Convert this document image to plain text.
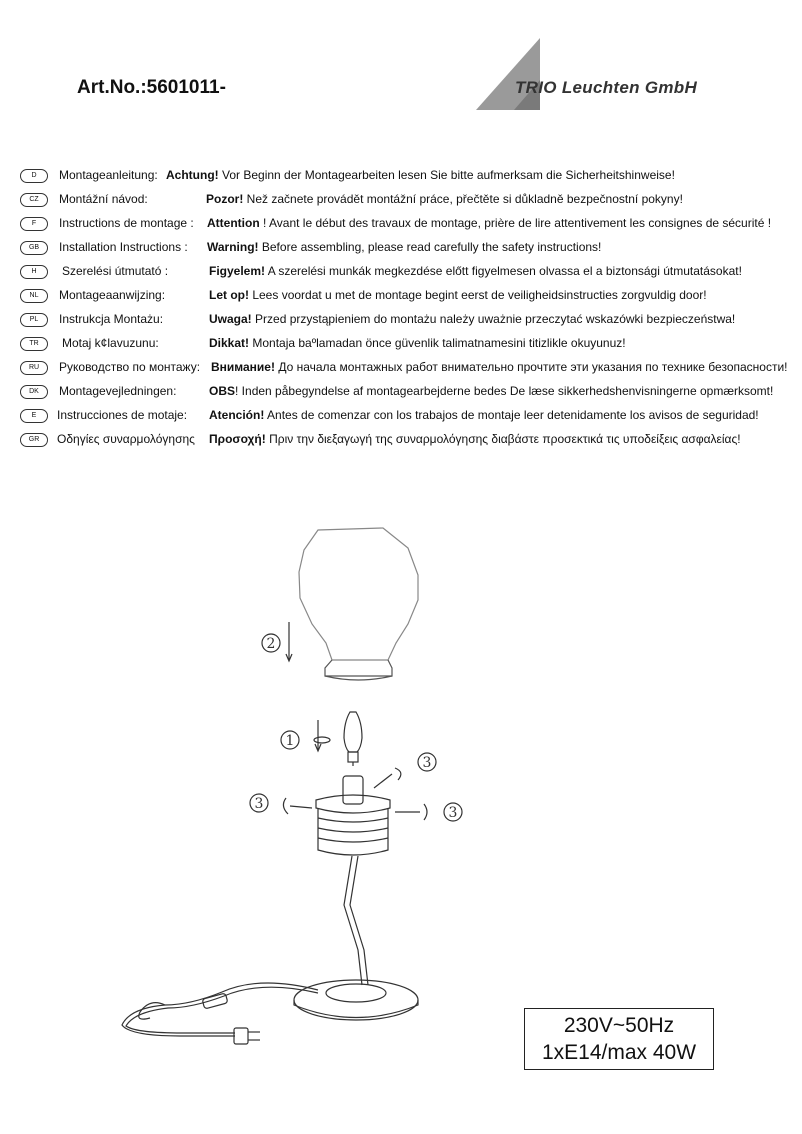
Art.No.:5601011-	TRIO Leuchten GmbH
D	Montageanleitung: Achtung! Vor Beginn der Montagearbeiten lesen Sie bitte aufmerksam die Sicherheitshinweise!
CZ	Montážní návod:	Pozor! Než začnete provádět montážní práce, přečtěte si důkladně bezpečnostní pokyny!
F	Instructions de montage : Attention ! Avant le début des travaux de montage, prière de lire attentivement les consignes de sécurité !
GB	Installation Instructions : Warning! Before assembling, please read carefully the safety instructions!
H	Szerelési útmutató :	Figyelem! A szerelési munkák megkezdése előtt figyelmesen olvassa el a biztonsági útmutatásokat!
NL	Montageaanwijzing:	Let op! Lees voordat u met de montage begint eerst de veiligheidsinstructies zorgvuldig door!
PL	Instrukcja Montażu:	Uwaga! Przed przystąpieniem do montażu należy uważnie przeczytać wskazówki bezpieczeństwa!
TR	Motaj k¢lavuzunu:	Dikkat! Montaja baºlamadan önce güvenlik talimatnamesini titizlikle okuyunuz!
RU	Руководство по монтажу: Внимание! До начала монтажных работ внимательно прочтите эти указания по технике безопасности!
DK	Montagevejledningen:	OBS! Inden påbegyndelse af montagearbejderne bedes De læse sikkerhedshenvisningerne opmærksomt!
E	Instrucciones de motaje: Atención! Antes de comenzar con los trabajos de montaje leer detenidamente los avisos de seguridad!
GR	Οδηγίες συναρμολόγησης Προσοχή! Πριν την διεξαγωγή της συναρμολόγησης διαβάστε προσεκτικά τις υποδείξεις ασφαλείας!
2
1
3
3
3
230V~50Hz
1xE14/max 40W
